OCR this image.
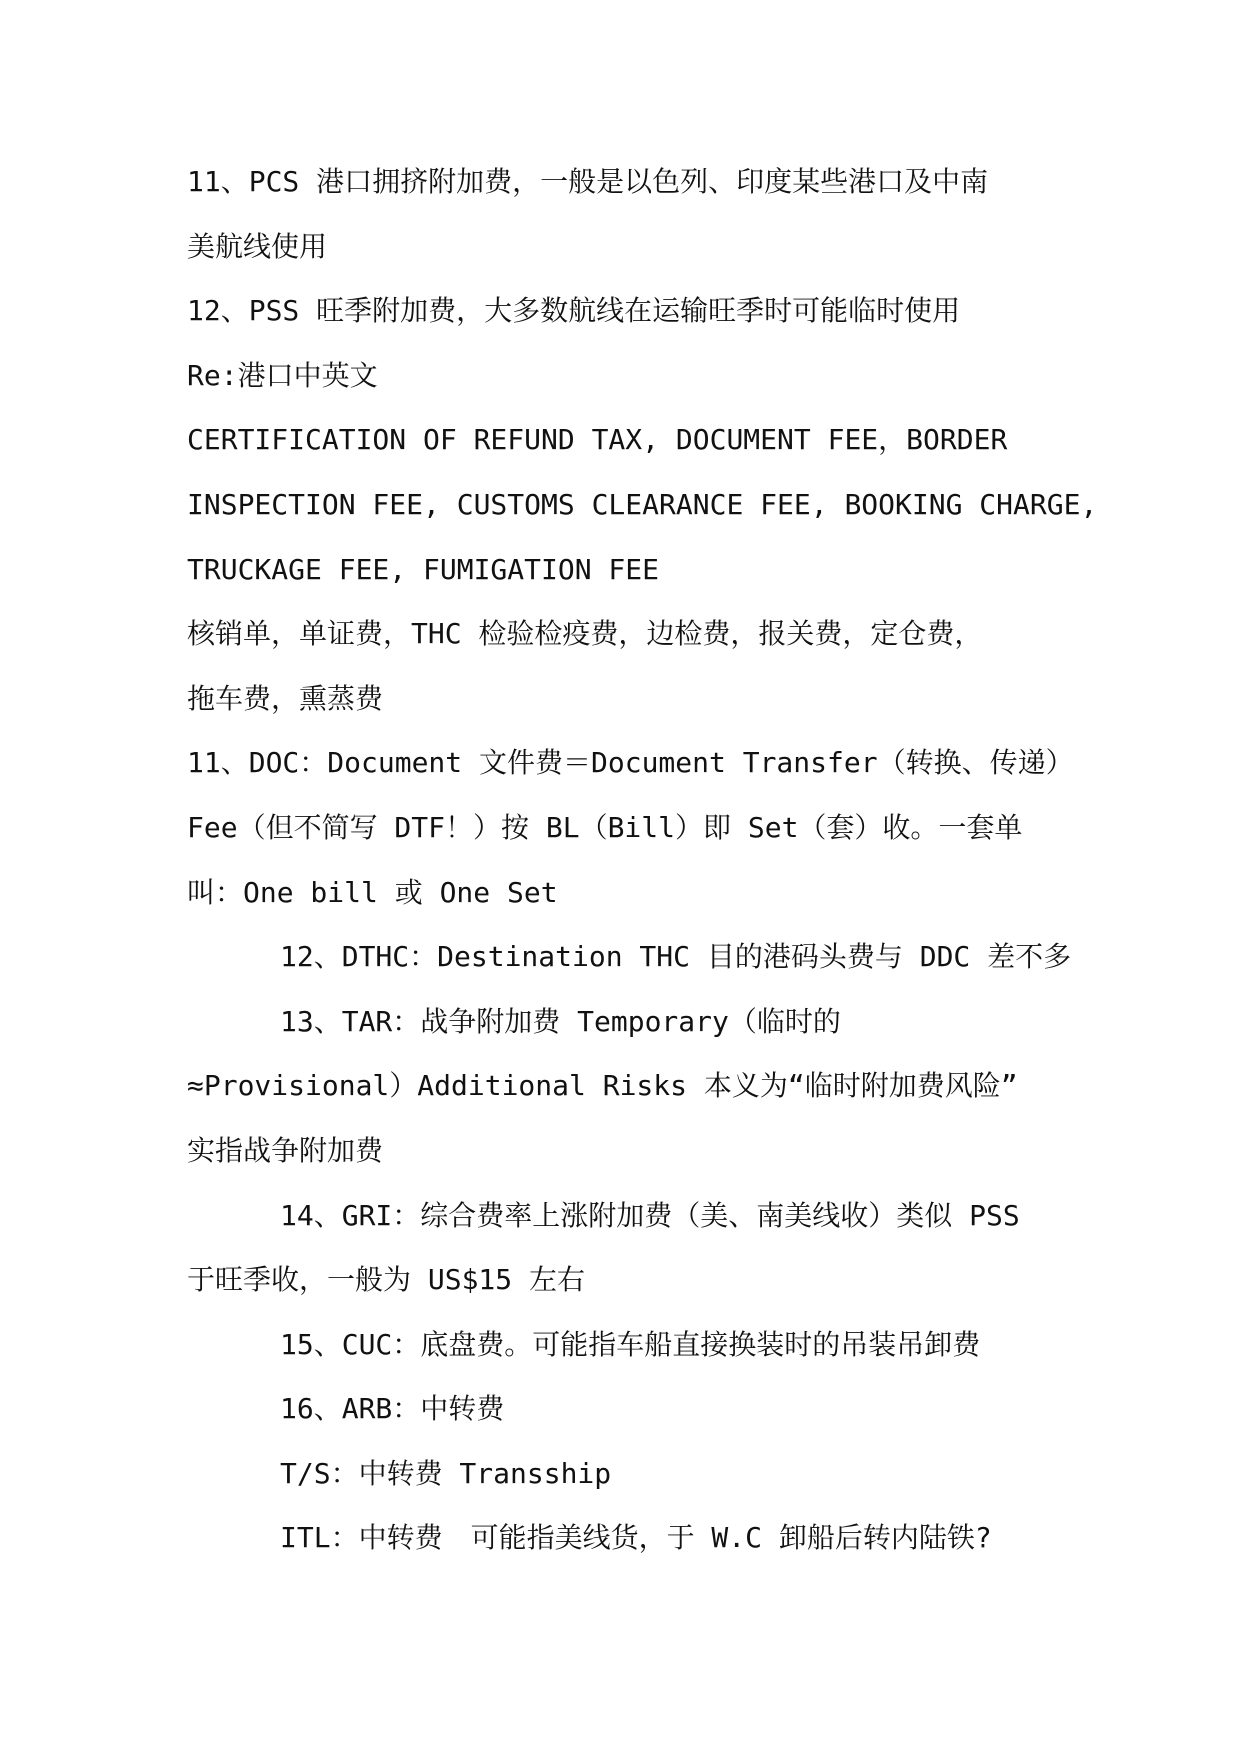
11、PCS 港口拥挤附加费，一般是以色列、印度某些港口及中南
美航线使用
12、PSS 旺季附加费，大多数航线在运输旺季时可能临时使用
Re:港口中英文
CERTIFICATION OF REFUND TAX, DOCUMENT FEE，BORDER
INSPECTION FEE, CUSTOMS CLEARANCE FEE, BOOKING CHARGE,
TRUCKAGE FEE, FUMIGATION FEE
核销单，单证费，THC 检验检疫费，边检费，报关费，定仓费，
拖车费，熏蒸费
11、DOC：Document 文件费＝Document Transfer（转换、传递）
Fee（但不简写 DTF！）按 BL（Bill）即 Set（套）收。一套单
叫：One bill 或 One Set
12、DTHC：Destination THC 目的港码头费与 DDC 差不多
13、TAR：战争附加费 Temporary（临时的
≈Provisional）Additional Risks 本义为“临时附加费风险”
实指战争附加费
14、GRI：综合费率上涨附加费（美、南美线收）类似 PSS
于旺季收，一般为 US$15 左右
15、CUC：底盘费。可能指车船直接换装时的吊装吊卸费
16、ARB：中转费
T/S：中转费 Transship
ITL：中转费　可能指美线货，于 W.C 卸船后转内陆铁?
